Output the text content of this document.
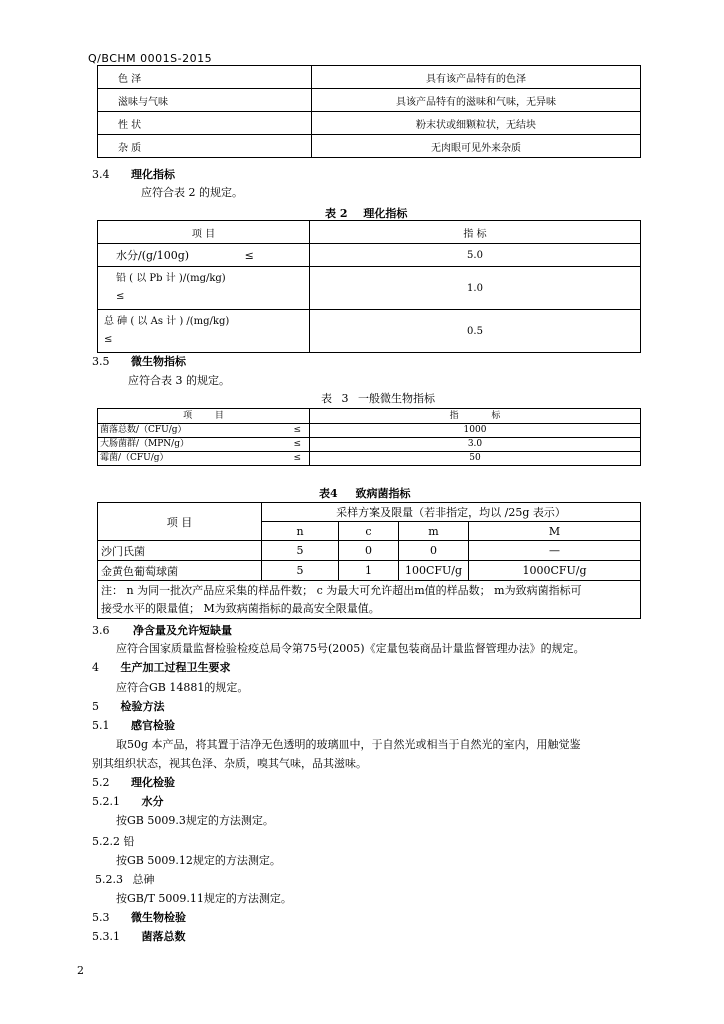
Q/BCHM 0001S-2015
色 泽	具有该产品特有的色泽
滋味与气味	具该产品特有的滋味和气味，无异味
性 状	粉末状或细颗粒状，无结块
杂 质	无肉眼可见外来杂质
3.4 理化指标
应符合表 2 的规定。
表 2 理化指标
项 目	指 标
水分/(g/100g) ≤	5.0

铅 ( 以 Pb 计 )/(mg/kg)
≤	1.0

总 砷 ( 以 As 计 ) /(mg/kg)
≤	0.5
3.5 微生物指标
应符合表 3 的规定。
表 3 一般微生物指标
项 目	指 标
菌落总数/（CFU/g） ≤	1000
大肠菌群/（MPN/g） ≤	3.0
霉菌/（CFU/g） ≤	50
表4 致病菌指标
项 目	采样方案及限量（若非指定，均以 /25g 表示）			
	n	c	m	M
沙门氏菌	5	0	0	—
金黄色葡萄球菌	5	1	100CFU/g	1000CFU/g

注： n 为同一批次产品应采集的样品件数； c 为最大可允许超出m值的样品数； m为致病菌指标可
接受水平的限量值； M为致病菌指标的最高安全限量值。				
3.6 净含量及允许短缺量
应符合国家质量监督检验检疫总局令第75号(2005)《定量包装商品计量监督管理办法》的规定。
4 生产加工过程卫生要求
应符合GB 14881的规定。
5 检验方法
5.1 感官检验
取50g 本产品，将其置于洁净无色透明的玻璃皿中，于自然光或相当于自然光的室内，用触觉鉴
别其组织状态，视其色泽、杂质，嗅其气味，品其滋味。
5.2 理化检验
5.2.1 水分
按GB 5009.3规定的方法测定。
5.2.2 铅
按GB 5009.12规定的方法测定。
5.2.3 总砷
按GB/T 5009.11规定的方法测定。
5.3 微生物检验
5.3.1 菌落总数
2
